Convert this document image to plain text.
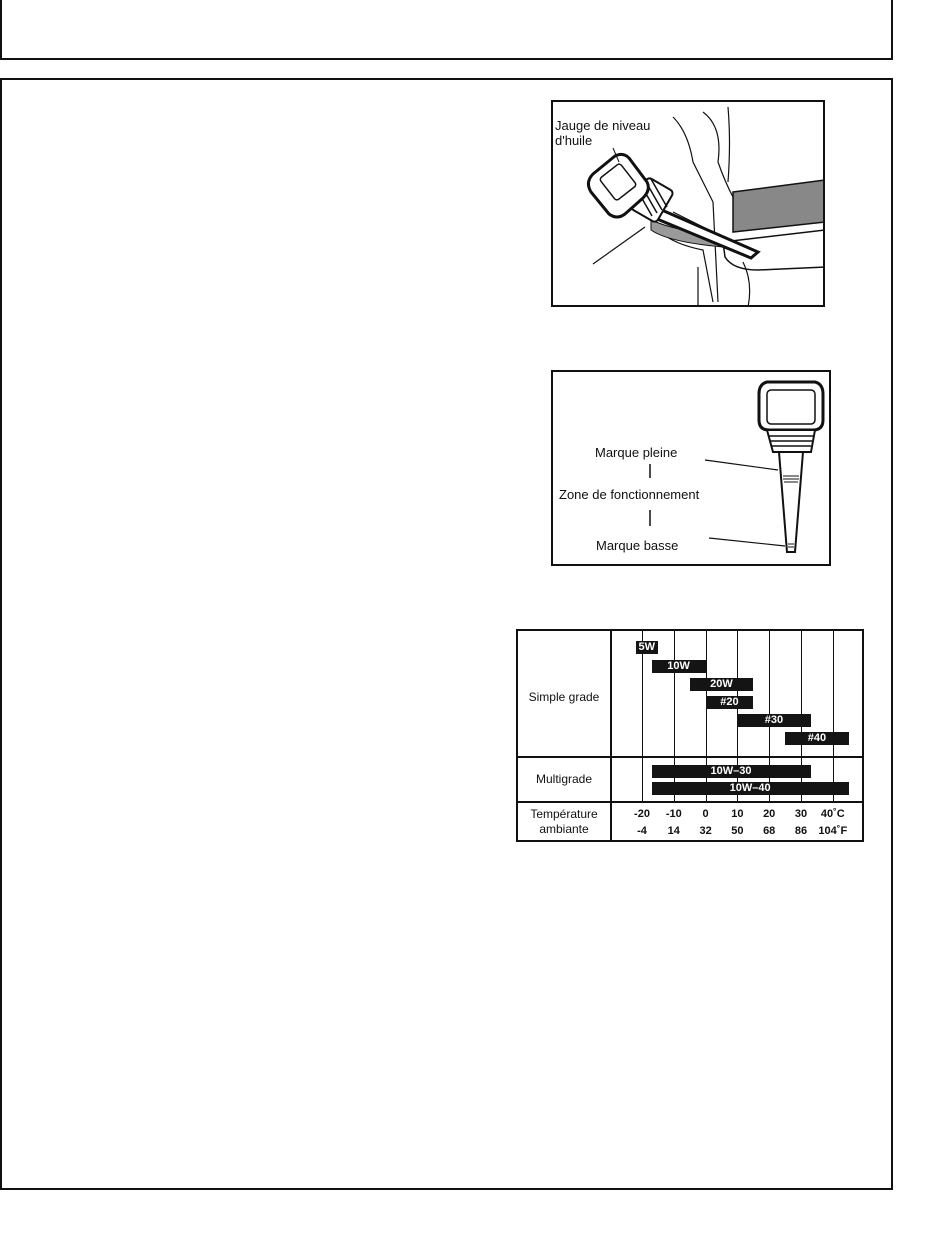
Jauge de niveau d'huile
Marque pleine
Zone de fonctionnement
Marque basse
Simple grade
Multigrade
Température
ambiante
5W
10W
20W
#20
#30
#40
10W–30
10W–40
-20	-10	0	10	20	30	40˚C
-4	14	32	50	68	86	104˚F
